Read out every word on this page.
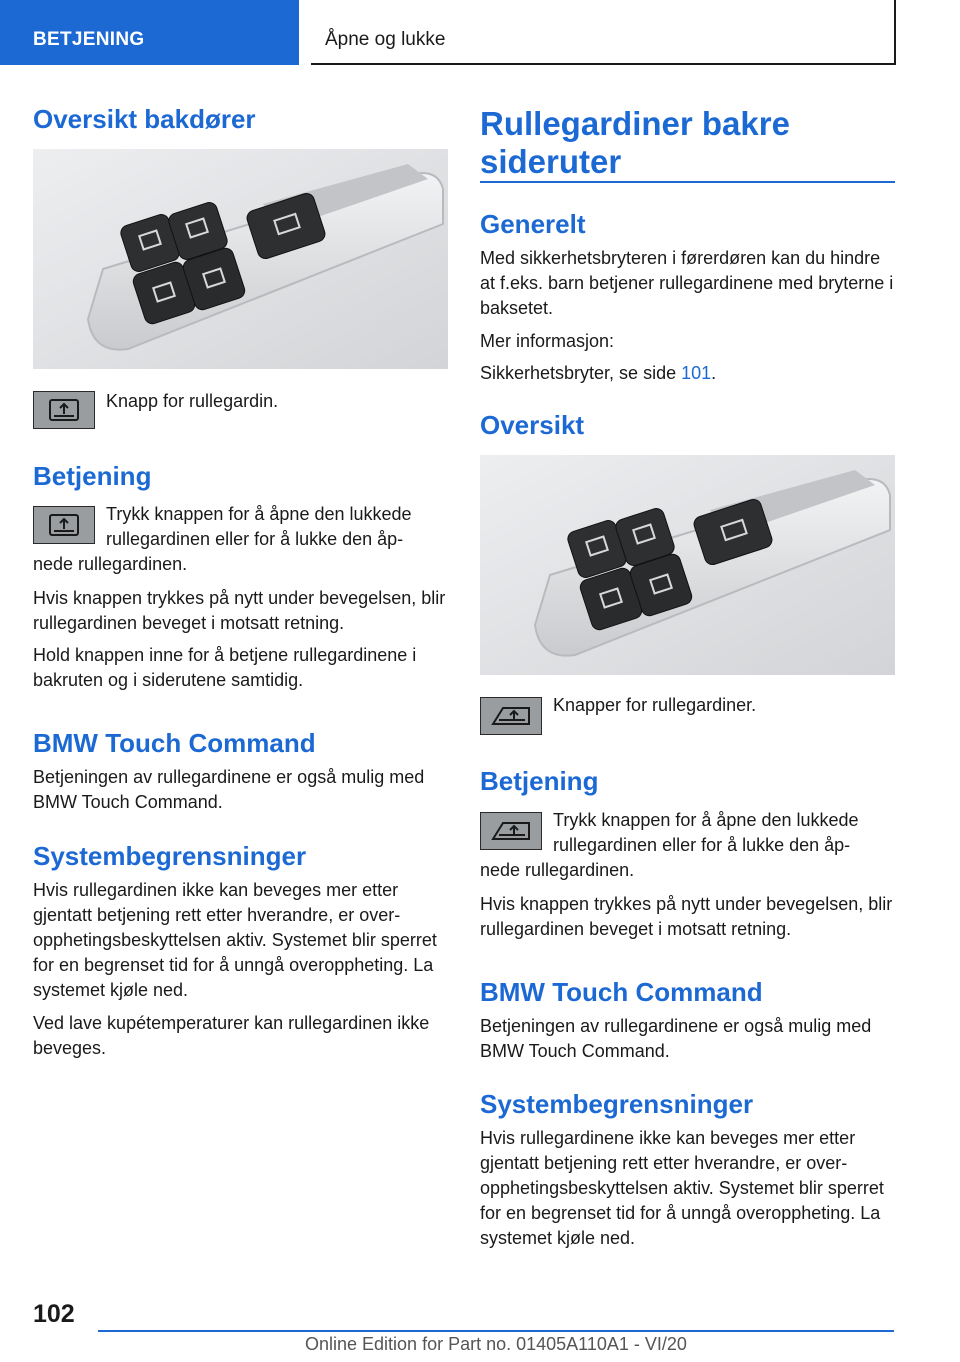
BETJENING	Åpne og lukke
Oversikt bakdører
Knapp for rullegardin.
Betjening
Trykk knappen for å åpne den lukkede
rullegardinen eller for å lukke den åp-

nede rullegardinen.

Hvis knappen trykkes på nytt under bevegelsen, blir rullegardinen beveget i motsatt retning.

Hold knappen inne for å betjene rullegardinene i bakruten og i siderutene samtidig.

BMW Touch Command

Betjeningen av rullegardinene er også mulig med BMW Touch Command.

Systembegrensninger

Hvis rullegardinen ikke kan beveges mer etter gjentatt betjening rett etter hverandre, er overopphetingsbeskyttelsen aktiv. Systemet blir sperret for en begrenset tid for å unngå overoppheting. La systemet kjøle ned.

Ved lave kupétemperaturer kan rullegardinen ikke beveges.

Rullegardiner bakre sideruter
Generelt

Med sikkerhetsbryteren i førerdøren kan du hindre at f.eks. barn betjener rullegardinene med bryterne i baksetet.

Mer informasjon:

Sikkerhetsbryter, se side 101.

Oversikt
Knapper for rullegardiner.
Betjening
Trykk knappen for å åpne den lukkede
rullegardinen eller for å lukke den åp-

nede rullegardinen.

Hvis knappen trykkes på nytt under bevegelsen, blir rullegardinen beveget i motsatt retning.

BMW Touch Command

Betjeningen av rullegardinene er også mulig med BMW Touch Command.

Systembegrensninger

Hvis rullegardinene ikke kan beveges mer etter gjentatt betjening rett etter hverandre, er overopphetingsbeskyttelsen aktiv. Systemet blir sperret for en begrenset tid for å unngå overoppheting. La systemet kjøle ned.

102
Online Edition for Part no. 01405A110A1 - VI/20
